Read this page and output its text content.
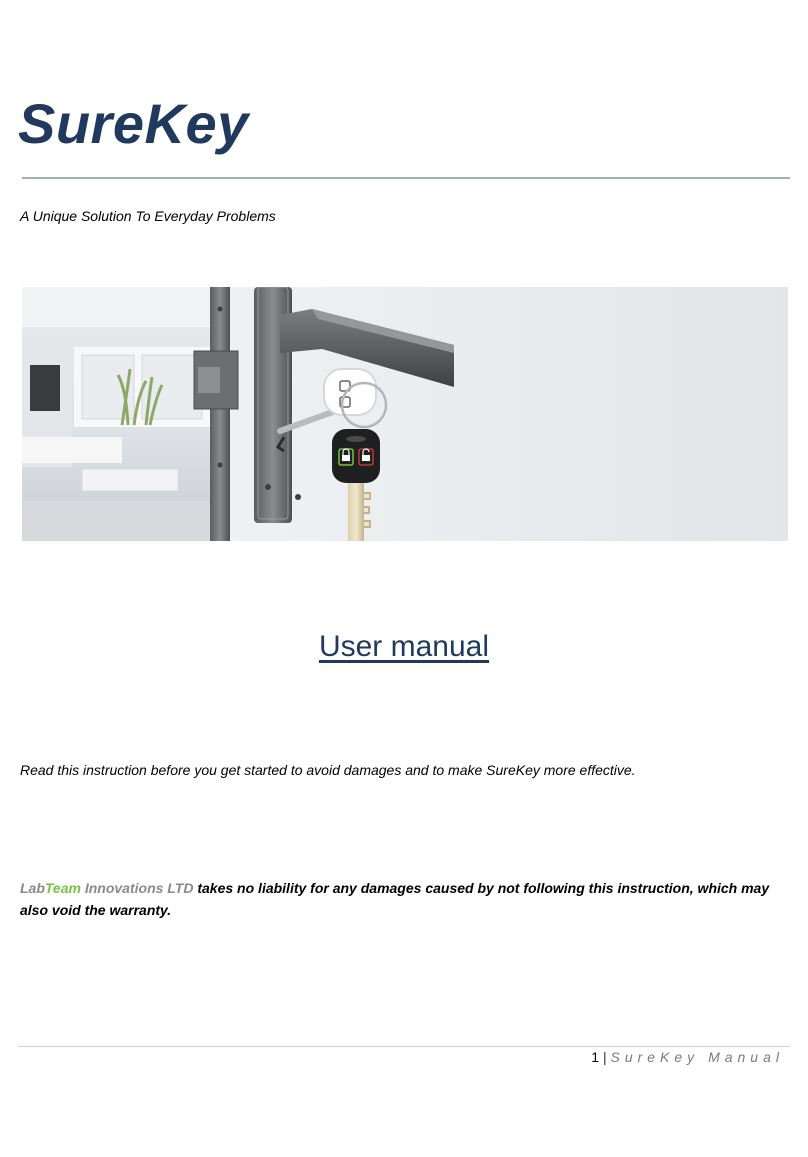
SureKey

A Unique Solution To Everyday Problems

User manual

Read this instruction before you get started to avoid damages and to make SureKey more effective.

LabTeam Innovations LTD takes no liability for any damages caused by not following this instruction, which may also void the warranty.

1 | SureKey Manual
